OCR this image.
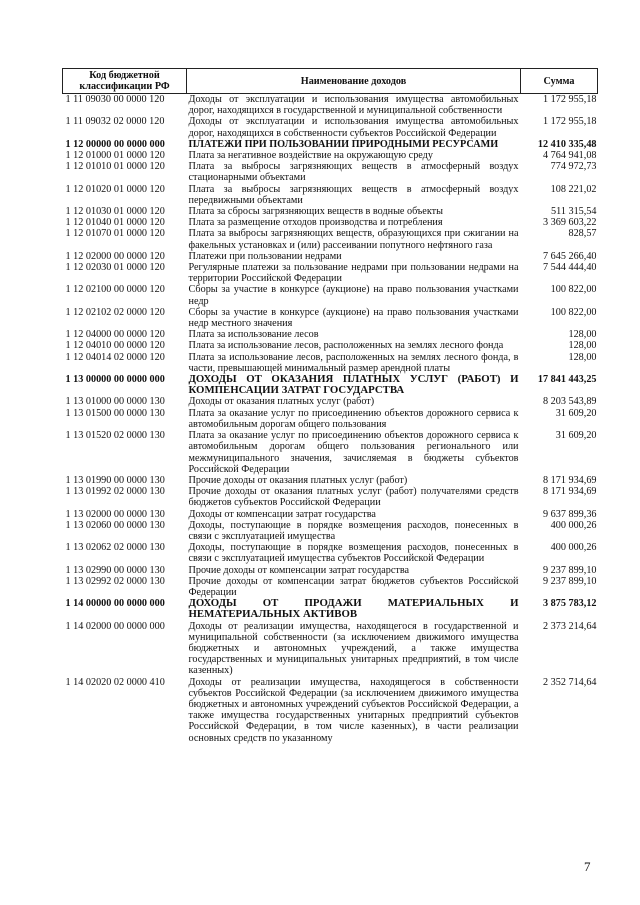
Код бюджетной классификации РФ	Наименование доходов	Сумма
1 11 09030 00 0000 120	Доходы от эксплуатации и использования имущества автомобильных дорог, находящихся в государственной и муниципальной собственности	1 172 955,18
1 11 09032 02 0000 120	Доходы от эксплуатации и использования имущества автомобильных дорог, находящихся в собственности субъектов Российской Федерации	1 172 955,18
1 12 00000 00 0000 000	ПЛАТЕЖИ ПРИ ПОЛЬЗОВАНИИ ПРИРОДНЫМИ РЕСУРСАМИ	12 410 335,48
1 12 01000 01 0000 120	Плата за негативное воздействие на окружающую среду	4 764 941,08
1 12 01010 01 0000 120	Плата за выбросы загрязняющих веществ в атмосферный воздух стационарными объектами	774 972,73
1 12 01020 01 0000 120	Плата за выбросы загрязняющих веществ в атмосферный воздух передвижными объектами	108 221,02
1 12 01030 01 0000 120	Плата за сбросы загрязняющих веществ в водные объекты	511 315,54
1 12 01040 01 0000 120	Плата за размещение отходов производства и потребления	3 369 603,22
1 12 01070 01 0000 120	Плата за выбросы загрязняющих веществ, образующихся при сжигании на факельных установках и (или) рассеивании попутного нефтяного газа	828,57
1 12 02000 00 0000 120	Платежи при пользовании недрами	7 645 266,40
1 12 02030 01 0000 120	Регулярные платежи за пользование недрами при пользовании недрами на территории Российской Федерации	7 544 444,40
1 12 02100 00 0000 120	Сборы за участие в конкурсе (аукционе) на право пользования участками недр	100 822,00
1 12 02102 02 0000 120	Сборы за участие в конкурсе (аукционе) на право пользования участками недр местного значения	100 822,00
1 12 04000 00 0000 120	Плата за использование лесов	128,00
1 12 04010 00 0000 120	Плата за использование лесов, расположенных на землях лесного фонда	128,00
1 12 04014 02 0000 120	Плата за использование лесов, расположенных на землях лесного фонда, в части, превышающей минимальный размер арендной платы	128,00
1 13 00000 00 0000 000	ДОХОДЫ ОТ ОКАЗАНИЯ ПЛАТНЫХ УСЛУГ (РАБОТ) И КОМПЕНСАЦИИ ЗАТРАТ ГОСУДАРСТВА	17 841 443,25
1 13 01000 00 0000 130	Доходы от оказания платных услуг (работ)	8 203 543,89
1 13 01500 00 0000 130	Плата за оказание услуг по присоединению объектов дорожного сервиса к автомобильным дорогам общего пользования	31 609,20
1 13 01520 02 0000 130	Плата за оказание услуг по присоединению объектов дорожного сервиса к автомобильным дорогам общего пользования регионального или межмуниципального значения, зачисляемая в бюджеты субъектов Российской Федерации	31 609,20
1 13 01990 00 0000 130	Прочие доходы от оказания платных услуг (работ)	8 171 934,69
1 13 01992 02 0000 130	Прочие доходы от оказания платных услуг (работ) получателями средств бюджетов субъектов Российской Федерации	8 171 934,69
1 13 02000 00 0000 130	Доходы от компенсации затрат государства	9 637 899,36
1 13 02060 00 0000 130	Доходы, поступающие в порядке возмещения расходов, понесенных в связи с эксплуатацией имущества	400 000,26
1 13 02062 02 0000 130	Доходы, поступающие в порядке возмещения расходов, понесенных в связи с эксплуатацией имущества субъектов Российской Федерации	400 000,26
1 13 02990 00 0000 130	Прочие доходы от компенсации затрат государства	9 237 899,10
1 13 02992 02 0000 130	Прочие доходы от компенсации затрат бюджетов субъектов Российской Федерации	9 237 899,10
1 14 00000 00 0000 000	ДОХОДЫ ОТ ПРОДАЖИ МАТЕРИАЛЬНЫХ И НЕМАТЕРИАЛЬНЫХ АКТИВОВ	3 875 783,12
1 14 02000 00 0000 000	Доходы от реализации имущества, находящегося в государственной и муниципальной собственности (за исключением движимого имущества бюджетных и автономных учреждений, а также имущества государственных и муниципальных унитарных предприятий, в том числе казенных)	2 373 214,64
1 14 02020 02 0000 410	Доходы от реализации имущества, находящегося в собственности субъектов Российской Федерации (за исключением движимого имущества бюджетных и автономных учреждений субъектов Российской Федерации, а также имущества государственных унитарных предприятий субъектов Российской Федерации, в том числе казенных), в части реализации основных средств по указанному	2 352 714,64
7
